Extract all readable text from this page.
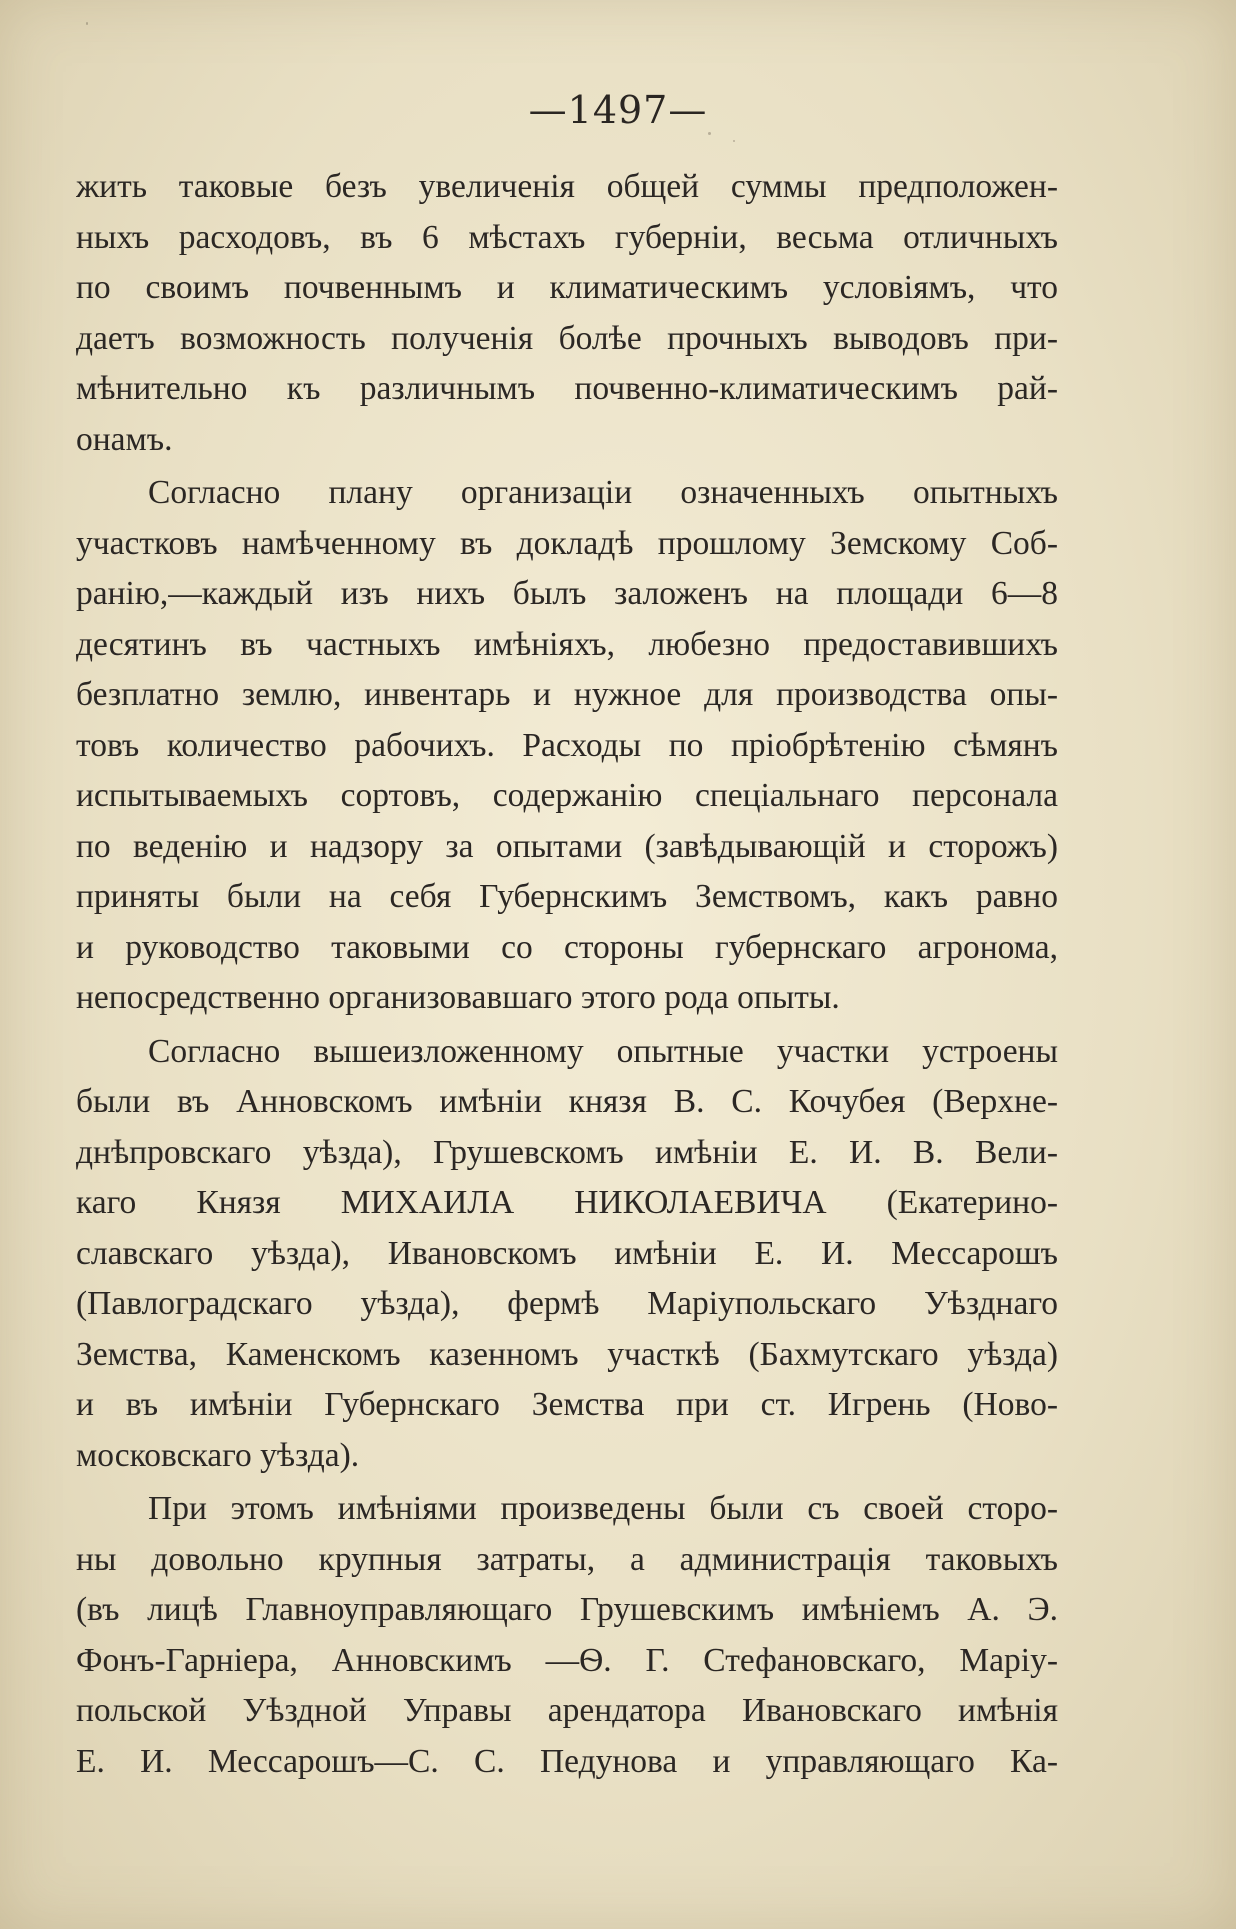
—1497—
жить таковые безъ увеличенія общей суммы предположен-
ныхъ расходовъ, въ 6 мѣстахъ губерніи, весьма отличныхъ
по своимъ почвеннымъ и климатическимъ условіямъ, что
даетъ возможность полученія болѣе прочныхъ выводовъ при-
мѣнительно къ различнымъ почвенно-климатическимъ рай-
онамъ.
Согласно плану организаціи означенныхъ опытныхъ
участковъ намѣченному въ докладѣ прошлому Земскому Соб-
ранію,—каждый изъ нихъ былъ заложенъ на площади 6—8
десятинъ въ частныхъ имѣніяхъ, любезно предоставившихъ
безплатно землю, инвентарь и нужное для производства опы-
товъ количество рабочихъ. Расходы по пріобрѣтенію сѣмянъ
испытываемыхъ сортовъ, содержанію спеціальнаго персонала
по веденію и надзору за опытами (завѣдывающій и сторожъ)
приняты были на себя Губернскимъ Земствомъ, какъ равно
и руководство таковыми со стороны губернскаго агронома,
непосредственно организовавшаго этого рода опыты.
Согласно вышеизложенному опытные участки устроены
были въ Анновскомъ имѣніи князя В. С. Кочубея (Верхне-
днѣпровскаго уѣзда), Грушевскомъ имѣніи Е. И. В. Вели-
каго Князя МИХАИЛА НИКОЛАЕВИЧА (Екатерино-
славскаго уѣзда), Ивановскомъ имѣніи Е. И. Мессарошъ
(Павлоградскаго уѣзда), фермѣ Маріупольскаго Уѣзднаго
Земства, Каменскомъ казенномъ участкѣ (Бахмутскаго уѣзда)
и въ имѣніи Губернскаго Земства при ст. Игрень (Ново-
московскаго уѣзда).
При этомъ имѣніями произведены были съ своей сторо-
ны довольно крупныя затраты, а администрація таковыхъ
(въ лицѣ Главноуправляющаго Грушевскимъ имѣніемъ А. Э.
Фонъ-Гарніера, Анновскимъ —Ѳ. Г. Стефановскаго, Маріу-
польской Уѣздной Управы арендатора Ивановскаго имѣнія
Е. И. Мессарошъ—С. С. Педунова и управляющаго Ка-
